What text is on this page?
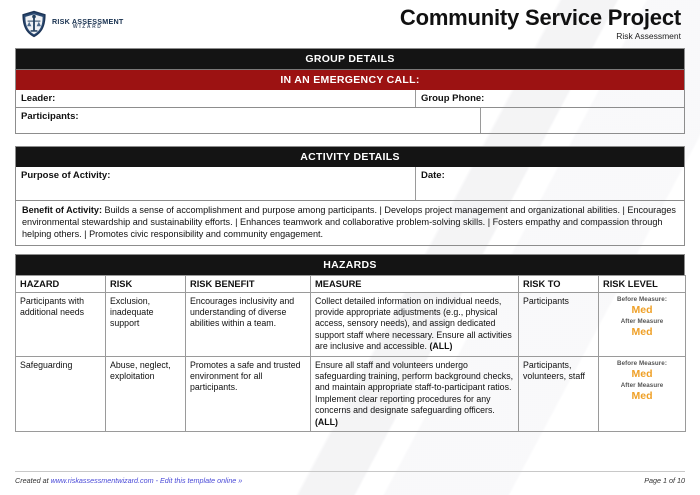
RISK ASSESSMENT
WIZARD	Community Service Project
Risk Assessment
GROUP DETAILS
IN AN EMERGENCY CALL:
Leader:	Group Phone:
Participants:
ACTIVITY DETAILS
Purpose of Activity:	Date:
Benefit of Activity: Builds a sense of accomplishment and purpose among participants. | Develops project management and organizational abilities. | Encourages environmental stewardship and sustainability efforts. | Enhances teamwork and collaborative problem-solving skills. | Fosters empathy and compassion through helping others. | Promotes civic responsibility and community engagement.
HAZARDS
HAZARD	RISK	RISK BENEFIT	MEASURE	RISK TO	RISK LEVEL
Participants with additional needs	Exclusion, inadequate support	Encourages inclusivity and understanding of diverse abilities within a team.	Collect detailed information on individual needs, provide appropriate adjustments (e.g., physical access, sensory needs), and assign dedicated support staff where necessary. Ensure all activities are inclusive and accessible. (ALL)	Participants	Before Measure:
Med
After Measure
Med

Safeguarding	Abuse, neglect, exploitation	Promotes a safe and trusted environment for all participants.	Ensure all staff and volunteers undergo safeguarding training, perform background checks, and maintain appropriate staff-to-participant ratios. Implement clear reporting procedures for any concerns and designate safeguarding officers. (ALL)	Participants, volunteers, staff	
Before Measure:
Med
After Measure
Med
Created at www.riskassessmentwizard.com - Edit this template online »	Page 1 of 10
